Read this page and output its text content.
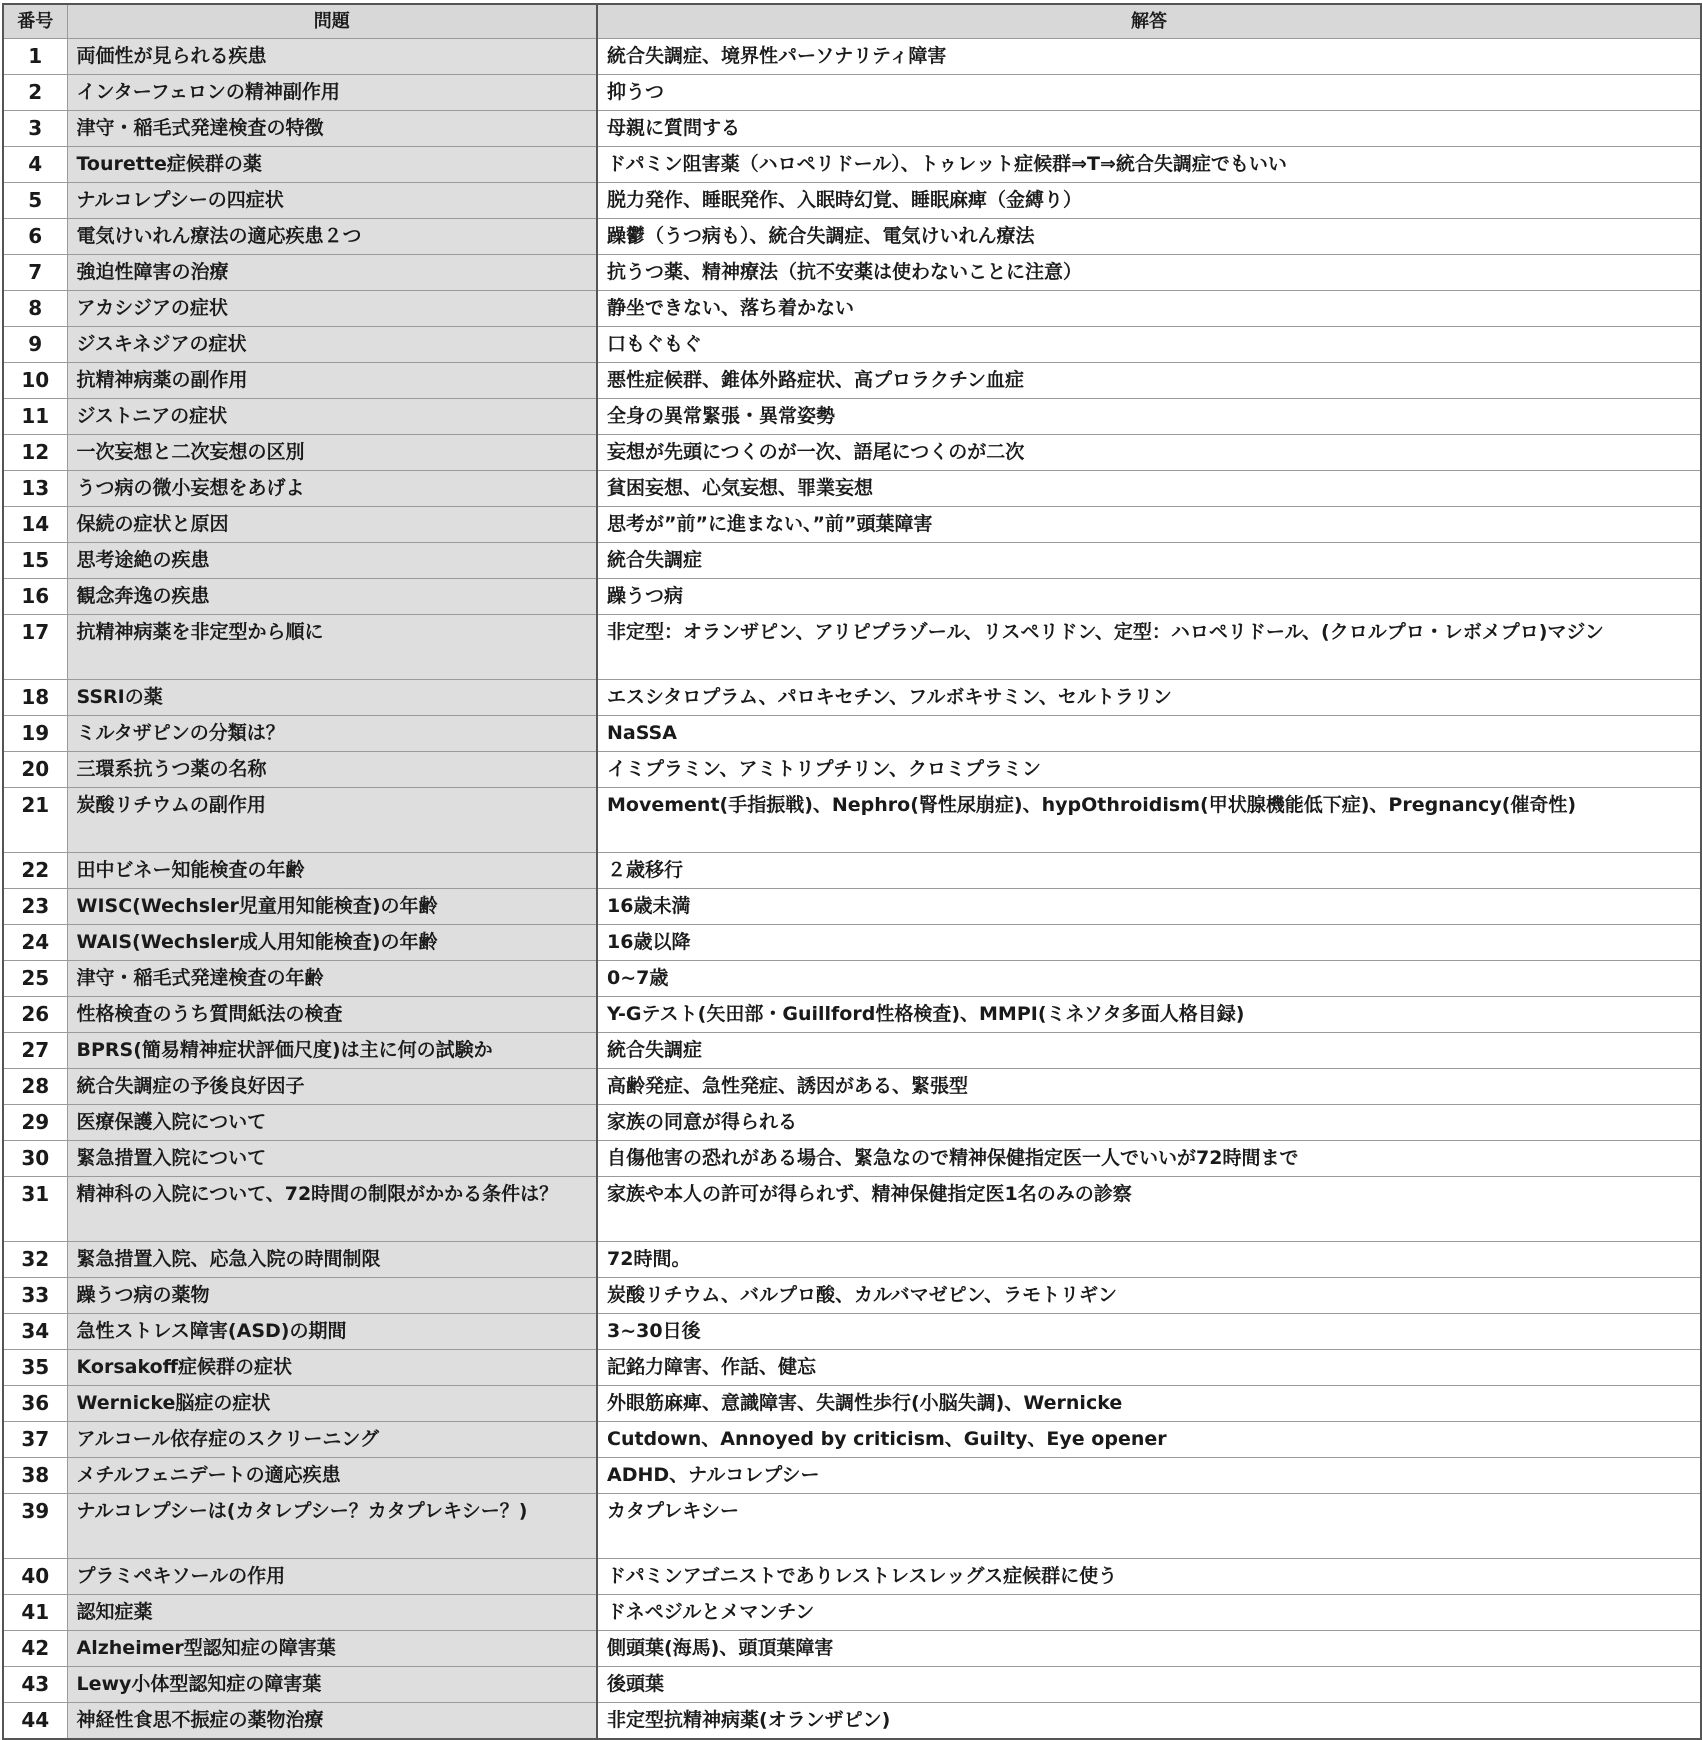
番号	問題	解答
1	両価性が見られる疾患	統合失調症、境界性パーソナリティ障害
2	インターフェロンの精神副作用	抑うつ
3	津守・稲毛式発達検査の特徴	母親に質問する
4	Tourette症候群の薬	ドパミン阻害薬（ハロペリドール）、トゥレット症候群⇒T⇒統合失調症でもいい
5	ナルコレプシーの四症状	脱力発作、睡眠発作、入眠時幻覚、睡眠麻痺（金縛り）
6	電気けいれん療法の適応疾患２つ	躁鬱（うつ病も）、統合失調症、電気けいれん療法
7	強迫性障害の治療	抗うつ薬、精神療法（抗不安薬は使わないことに注意）
8	アカシジアの症状	静坐できない、落ち着かない
9	ジスキネジアの症状	口もぐもぐ
10	抗精神病薬の副作用	悪性症候群、錐体外路症状、高プロラクチン血症
11	ジストニアの症状	全身の異常緊張・異常姿勢
12	一次妄想と二次妄想の区別	妄想が先頭につくのが一次、語尾につくのが二次
13	うつ病の微小妄想をあげよ	貧困妄想、心気妄想、罪業妄想
14	保続の症状と原因	思考が”前”に進まない、”前”頭葉障害
15	思考途絶の疾患	統合失調症
16	観念奔逸の疾患	躁うつ病
17	抗精神病薬を非定型から順に	非定型：オランザピン、アリピプラゾール、リスペリドン、定型：ハロペリドール、(クロルプロ・レボメプロ)マジン
18	SSRIの薬	エスシタロプラム、パロキセチン、フルボキサミン、セルトラリン
19	ミルタザピンの分類は？	NaSSA
20	三環系抗うつ薬の名称	イミプラミン、アミトリプチリン、クロミプラミン
21	炭酸リチウムの副作用	Movement(手指振戦)、Nephro(腎性尿崩症)、hypOthroidism(甲状腺機能低下症)、Pregnancy(催奇性)
22	田中ビネー知能検査の年齢	２歳移行
23	WISC(Wechsler児童用知能検査)の年齢	16歳未満
24	WAIS(Wechsler成人用知能検査)の年齢	16歳以降
25	津守・稲毛式発達検査の年齢	0~7歳
26	性格検査のうち質問紙法の検査	Y-Gテスト(矢田部・Guillford性格検査)、MMPI(ミネソタ多面人格目録)
27	BPRS(簡易精神症状評価尺度)は主に何の試験か	統合失調症
28	統合失調症の予後良好因子	高齢発症、急性発症、誘因がある、緊張型
29	医療保護入院について	家族の同意が得られる
30	緊急措置入院について	自傷他害の恐れがある場合、緊急なので精神保健指定医一人でいいが72時間まで
31	精神科の入院について、72時間の制限がかかる条件は？	家族や本人の許可が得られず、精神保健指定医1名のみの診察
32	緊急措置入院、応急入院の時間制限	72時間。
33	躁うつ病の薬物	炭酸リチウム、バルプロ酸、カルバマゼピン、ラモトリギン
34	急性ストレス障害(ASD)の期間	3~30日後
35	Korsakoff症候群の症状	記銘力障害、作話、健忘
36	Wernicke脳症の症状	外眼筋麻痺、意識障害、失調性歩行(小脳失調)、Wernicke
37	アルコール依存症のスクリーニング	Cutdown、Annoyed by criticism、Guilty、Eye opener
38	メチルフェニデートの適応疾患	ADHD、ナルコレプシー
39	ナルコレプシーは(カタレプシー？カタプレキシー？)	カタプレキシー
40	プラミペキソールの作用	ドパミンアゴニストでありレストレスレッグス症候群に使う
41	認知症薬	ドネペジルとメマンチン
42	Alzheimer型認知症の障害葉	側頭葉(海馬)、頭頂葉障害
43	Lewy小体型認知症の障害葉	後頭葉
44	神経性食思不振症の薬物治療	非定型抗精神病薬(オランザピン)
